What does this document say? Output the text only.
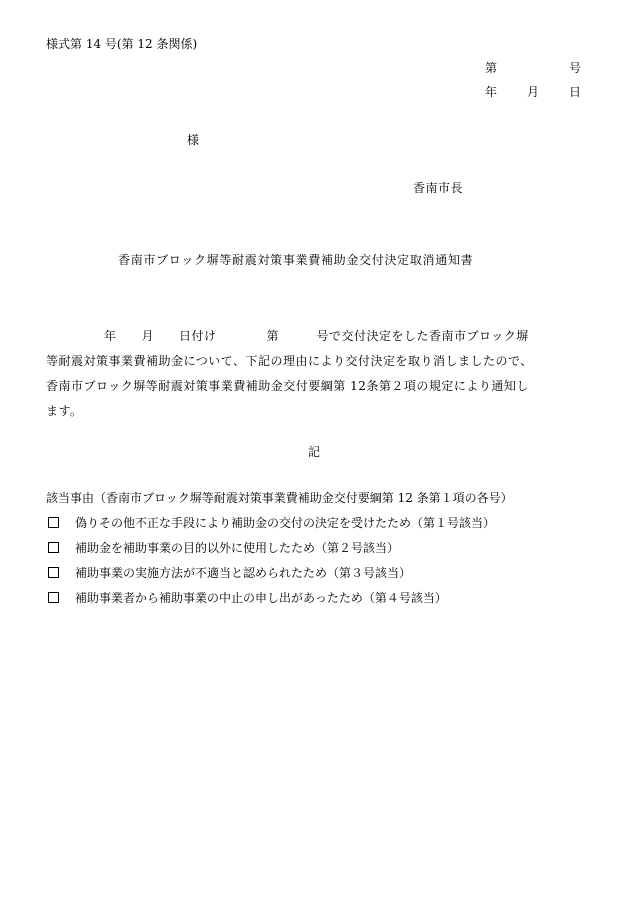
様式第 14 号(第 12 条関係)
第	号
年 月 日
様
香南市長
香南市ブロック塀等耐震対策事業費補助金交付決定取消通知書
年　　月　　日付け　　　　第　　　号で交付決定をした香南市ブロック塀
等耐震対策事業費補助金について、下記の理由により交付決定を取り消しましたので、
香南市ブロック塀等耐震対策事業費補助金交付要綱第 12条第２項の規定により通知し
ます。
記
該当事由（香南市ブロック塀等耐震対策事業費補助金交付要綱第 12 条第１項の各号）
偽りその他不正な手段により補助金の交付の決定を受けたため（第１号該当）
補助金を補助事業の目的以外に使用したため（第２号該当）
補助事業の実施方法が不適当と認められたため（第３号該当）
補助事業者から補助事業の中止の申し出があったため（第４号該当）
